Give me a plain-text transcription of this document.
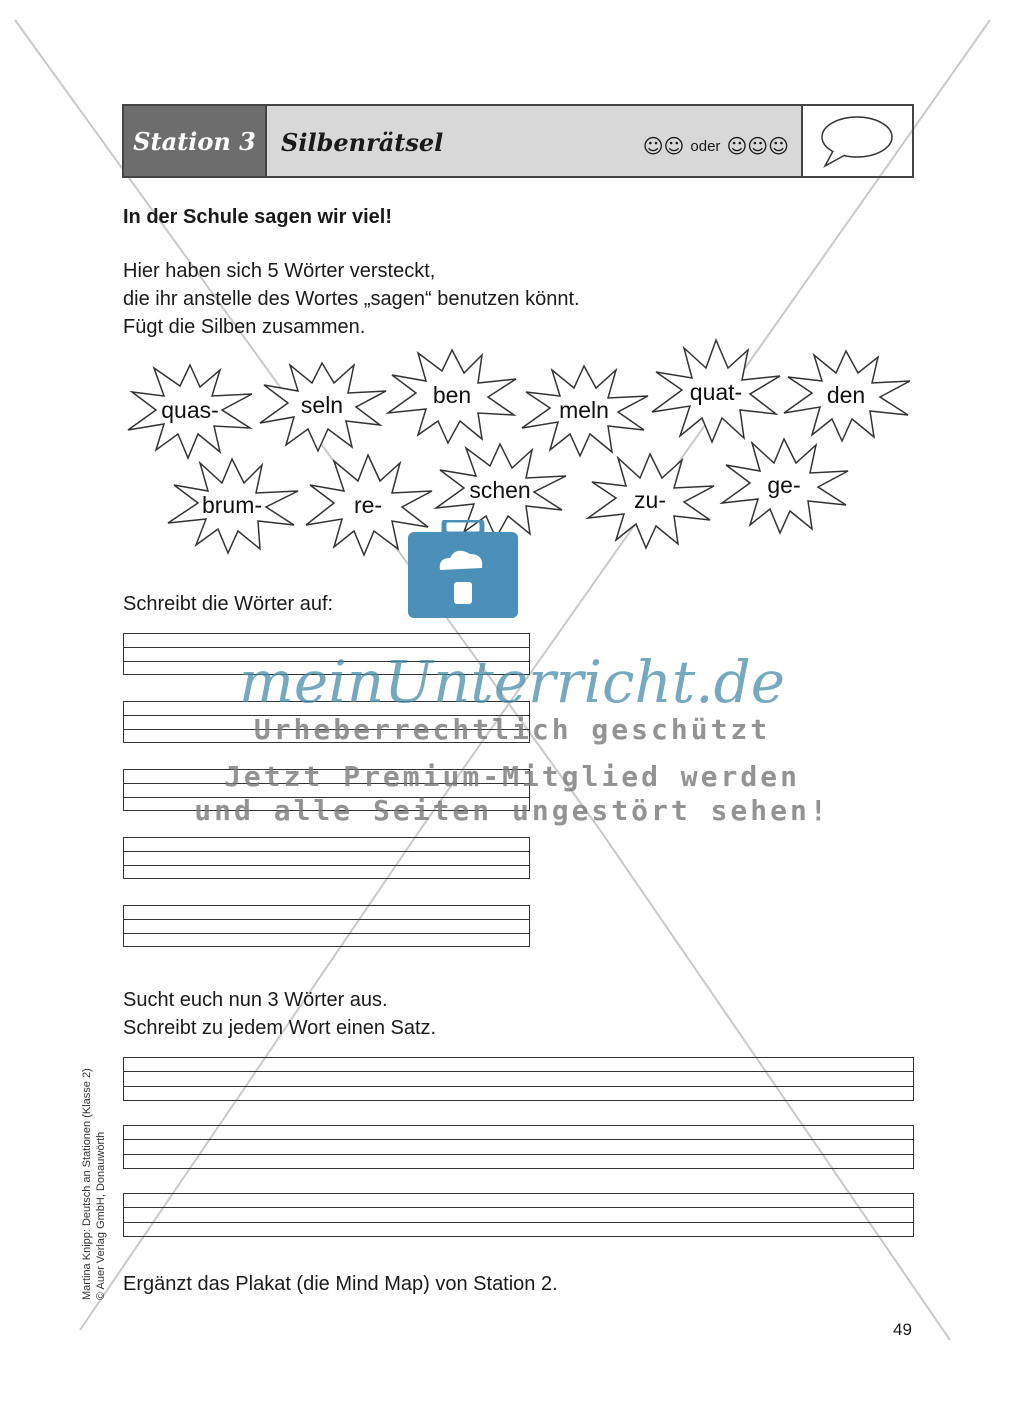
Station 3	Silbenrätsel	☺☺ oder ☺☺☺
In der Schule sagen wir viel!
Hier haben sich 5 Wörter versteckt,
die ihr anstelle des Wortes „sagen“ benutzen könnt.
Fügt die Silben zusammen.
quas-	seln	ben
meln
quat-	den
brum-	re-
schen	zu-
ge-
Schreibt die Wörter auf:
Sucht euch nun 3 Wörter aus.
Schreibt zu jedem Wort einen Satz.
Ergänzt das Plakat (die Mind Map) von Station 2.
49
Martina Knipp: Deutsch an Stationen (Klasse 2) © Auer Verlag GmbH, Donauwörth
meinUnterricht.de
Urheberrechtlich geschützt
Jetzt Premium-Mitglied werden
und alle Seiten ungestört sehen!
